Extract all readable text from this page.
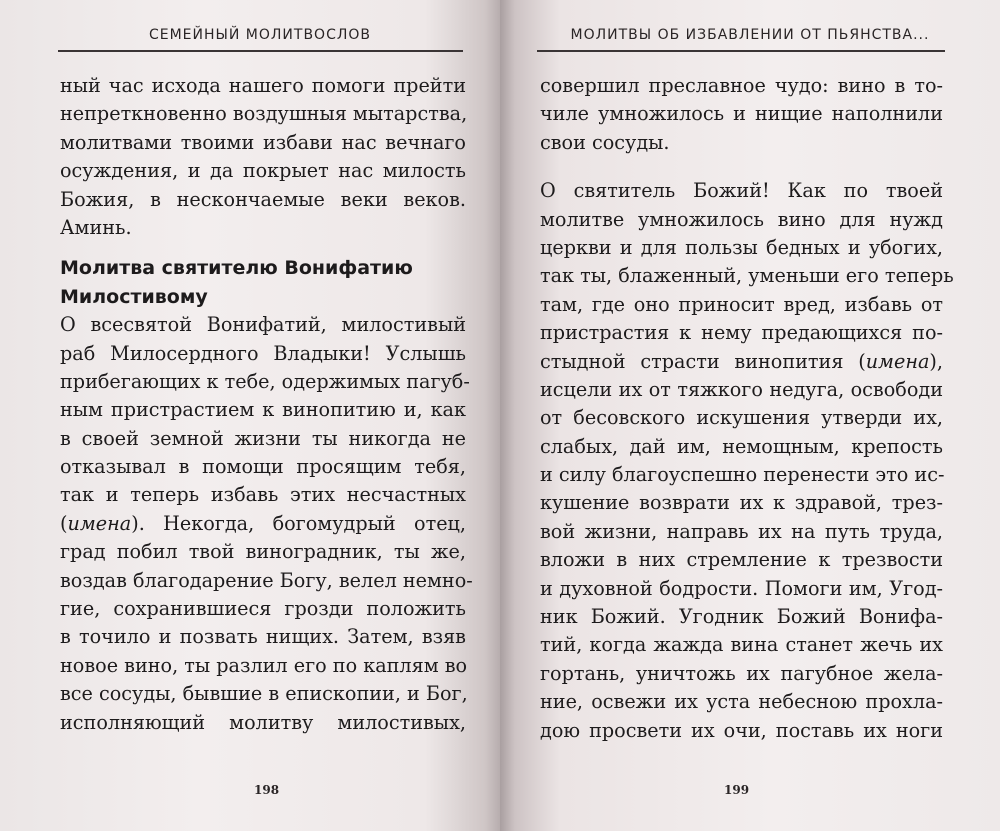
СЕМЕЙНЫЙ МОЛИТВОСЛОВ
ный час исхода нашего помоги прейти
непреткновенно воздушныя мытарства,
молитвами твоими избави нас вечнаго
осуждения, и да покрыет нас милость
Божия, в нескончаемые веки веков.
Аминь.
Молитва святителю Вонифатию
Милостивому
О всесвятой Вонифатий, милостивый
раб Милосердного Владыки! Услышь
прибегающих к тебе, одержимых пагуб-
ным пристрастием к винопитию и, как
в своей земной жизни ты никогда не
отказывал в помощи просящим тебя,
так и теперь избавь этих несчастных
(имена). Некогда, богомудрый отец,
град побил твой виноградник, ты же,
воздав благодарение Богу, велел немно-
гие, сохранившиеся грозди положить
в точило и позвать нищих. Затем, взяв
новое вино, ты разлил его по каплям во
все сосуды, бывшие в епископии, и Бог,
исполняющий молитву милостивых,
198
МОЛИТВЫ ОБ ИЗБАВЛЕНИИ ОТ ПЬЯНСТВА...
совершил преславное чудо: вино в то-
чиле умножилось и нищие наполнили
свои сосуды.
О святитель Божий! Как по твоей
молитве умножилось вино для нужд
церкви и для пользы бедных и убогих,
так ты, блаженный, уменьши его теперь
там, где оно приносит вред, избавь от
пристрастия к нему предающихся по-
стыдной страсти винопития (имена),
исцели их от тяжкого недуга, освободи
от бесовского искушения утверди их,
слабых, дай им, немощным, крепость
и силу благоуспешно перенести это ис-
кушение возврати их к здравой, трез-
вой жизни, направь их на путь труда,
вложи в них стремление к трезвости
и духовной бодрости. Помоги им, Угод-
ник Божий. Угодник Божий Вонифа-
тий, когда жажда вина станет жечь их
гортань, уничтожь их пагубное жела-
ние, освежи их уста небесною прохла-
дою просвети их очи, поставь их ноги
199
